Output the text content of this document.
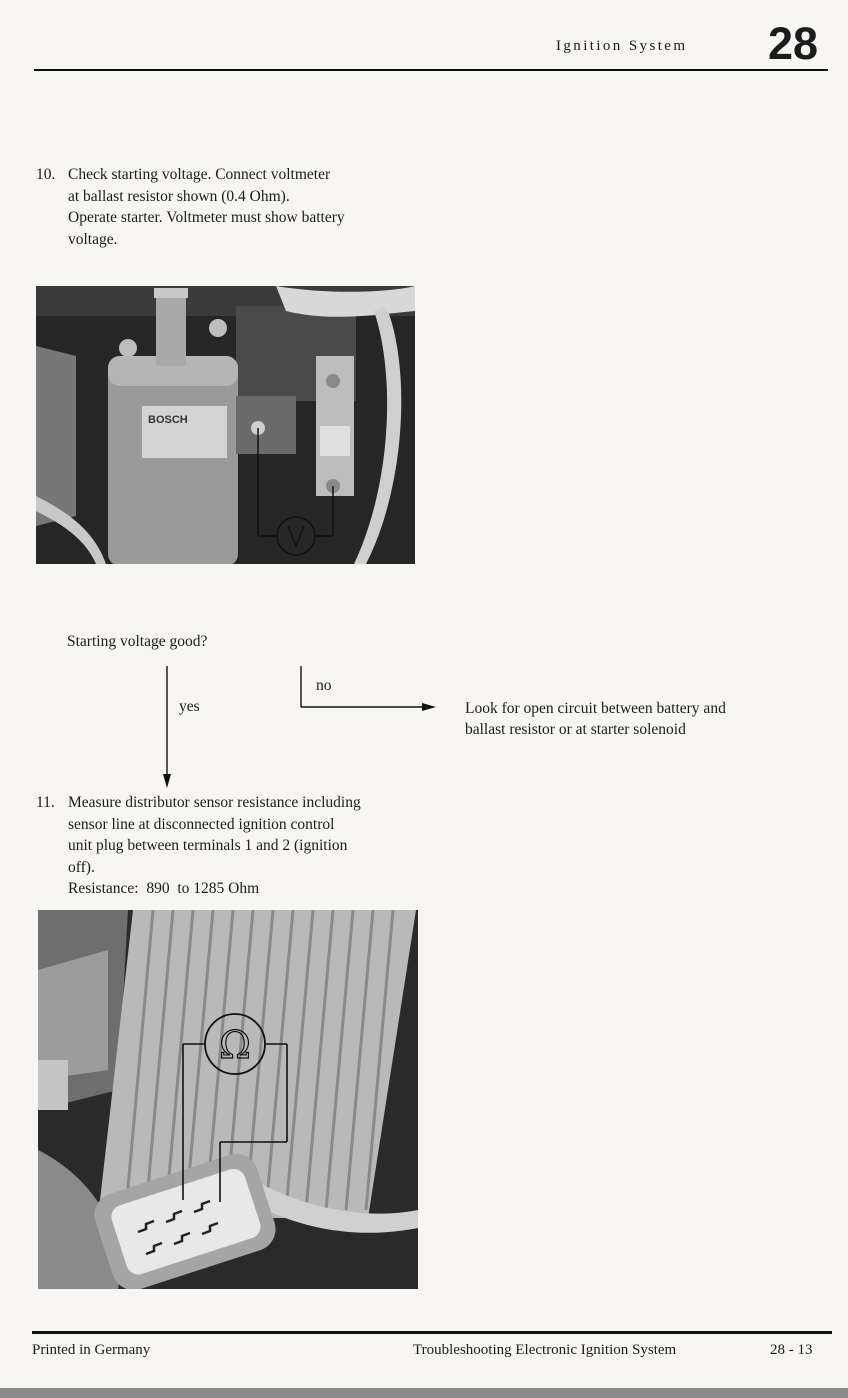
Ignition System 28
10. Check starting voltage. Connect voltmeter
at ballast resistor shown (0.4 Ohm).
Operate starter. Voltmeter must show battery
voltage.
BOSCH
Starting voltage good?
yes
no
Look for open circuit between battery and
ballast resistor or at starter solenoid
11. Measure distributor sensor resistance including
sensor line at disconnected ignition control
unit plug between terminals 1 and 2 (ignition
off).
Resistance:  890  to 1285 Ohm
Ω
Printed in Germany	Troubleshooting Electronic Ignition System	28 - 13
